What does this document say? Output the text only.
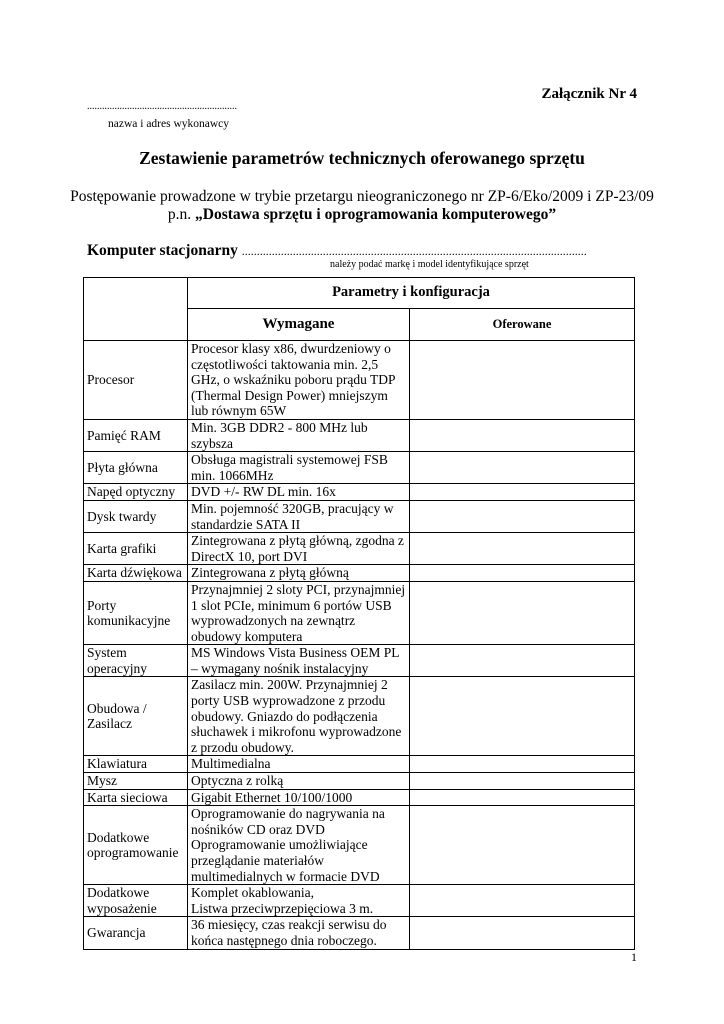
Załącznik Nr 4
............................................................
nazwa i adres wykonawcy
Zestawienie parametrów technicznych oferowanego sprzętu
Postępowanie prowadzone w trybie przetargu nieograniczonego nr ZP-6/Eko/2009 i ZP-23/09
p.n. „Dostawa sprzętu i oprogramowania komputerowego”
Komputer stacjonarny ...................................................................................................................
należy podać markę i model identyfikujące sprzęt
	Parametry i konfiguracja	
	Wymagane	Oferowane
Procesor	Procesor klasy x86, dwurdzeniowy o częstotliwości taktowania min. 2,5 GHz, o wskaźniku poboru prądu TDP (Thermal Design Power) mniejszym lub równym 65W	
Pamięć RAM	Min. 3GB DDR2 - 800 MHz lub szybsza	
Płyta główna	Obsługa magistrali systemowej FSB min. 1066MHz	
Napęd optyczny	DVD +/- RW DL min. 16x	
Dysk twardy	Min. pojemność 320GB, pracujący w standardzie SATA II	
Karta grafiki	Zintegrowana z płytą główną, zgodna z DirectX 10, port DVI	
Karta dźwiękowa	Zintegrowana z płytą główną	
Porty komunikacyjne	Przynajmniej 2 sloty PCI, przynajmniej 1 slot PCIe, minimum 6 portów USB wyprowadzonych na zewnątrz obudowy komputera	
System operacyjny	MS Windows Vista Business OEM PL – wymagany nośnik instalacyjny	
Obudowa / Zasilacz	Zasilacz min. 200W. Przynajmniej 2 porty USB wyprowadzone z przodu obudowy. Gniazdo do podłączenia słuchawek i mikrofonu wyprowadzone z przodu obudowy.	
Klawiatura	Multimedialna	
Mysz	Optyczna z rolką	
Karta sieciowa	Gigabit Ethernet 10/100/1000	
Dodatkowe oprogramowanie	Oprogramowanie do nagrywania na nośników CD oraz DVD Oprogramowanie umożliwiające przeglądanie materiałów multimedialnych w formacie DVD	
Dodatkowe wyposażenie	Komplet okablowania,
Listwa przeciwprzepięciowa 3 m.	
Gwarancja	36 miesięcy, czas reakcji serwisu do końca następnego dnia roboczego.	
1
